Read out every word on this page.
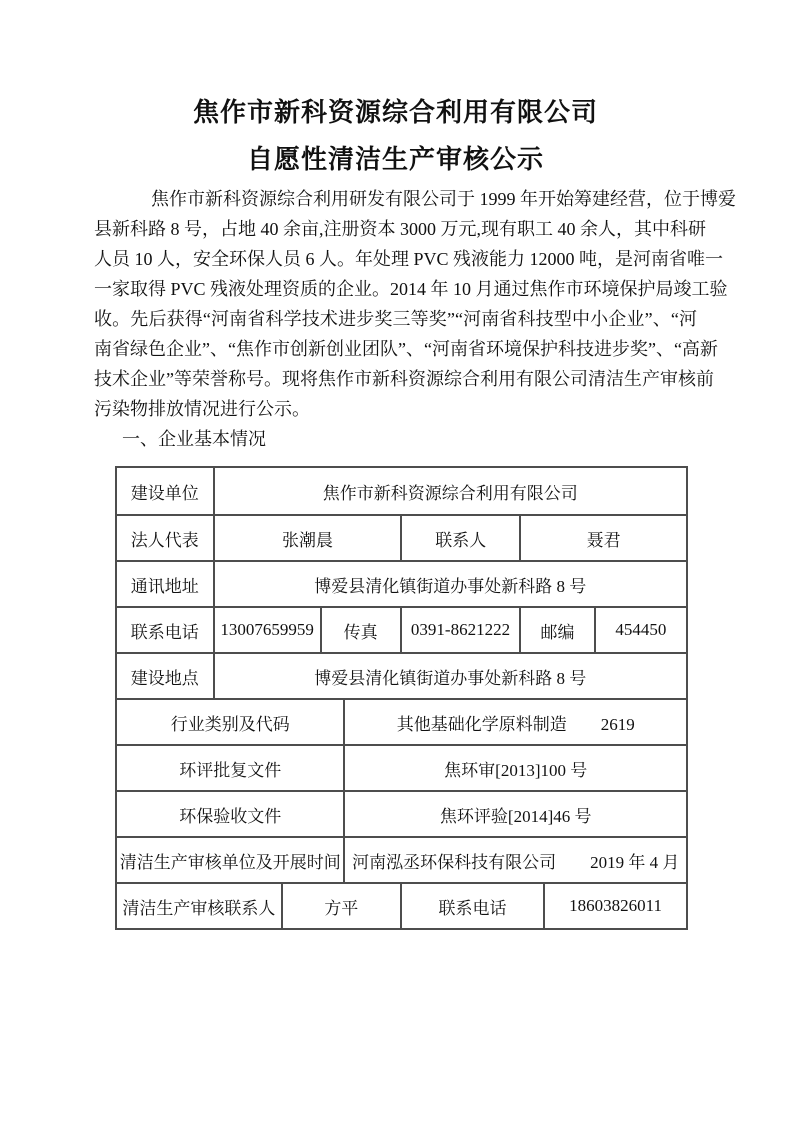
焦作市新科资源综合利用有限公司
自愿性清洁生产审核公示
焦作市新科资源综合利用研发有限公司于 1999 年开始筹建经营，位于博爱
县新科路 8 号，占地 40 余亩,注册资本 3000 万元,现有职工 40 余人，其中科研
人员 10 人，安全环保人员 6 人。年处理 PVC 残液能力 12000 吨，是河南省唯一
一家取得 PVC 残液处理资质的企业。2014 年 10 月通过焦作市环境保护局竣工验
收。先后获得“河南省科学技术进步奖三等奖”“河南省科技型中小企业”、“河
南省绿色企业”、“焦作市创新创业团队”、“河南省环境保护科技进步奖”、“高新
技术企业”等荣誉称号。现将焦作市新科资源综合利用有限公司清洁生产审核前
污染物排放情况进行公示。
一、企业基本情况
建设单位	焦作市新科资源综合利用有限公司
法人代表	张潮晨	联系人	聂君
通讯地址	博爱县清化镇街道办事处新科路 8 号
联系电话	13007659959	传真	0391-8621222	邮编	454450
建设地点	博爱县清化镇街道办事处新科路 8 号
行业类别及代码	其他基础化学原料制造　　2619
环评批复文件	焦环审[2013]100 号
环保验收文件	焦环评验[2014]46 号
清洁生产审核单位及开展时间 河南泓丞环保科技有限公司　　2019 年 4 月
清洁生产审核联系人	方平	联系电话	18603826011
